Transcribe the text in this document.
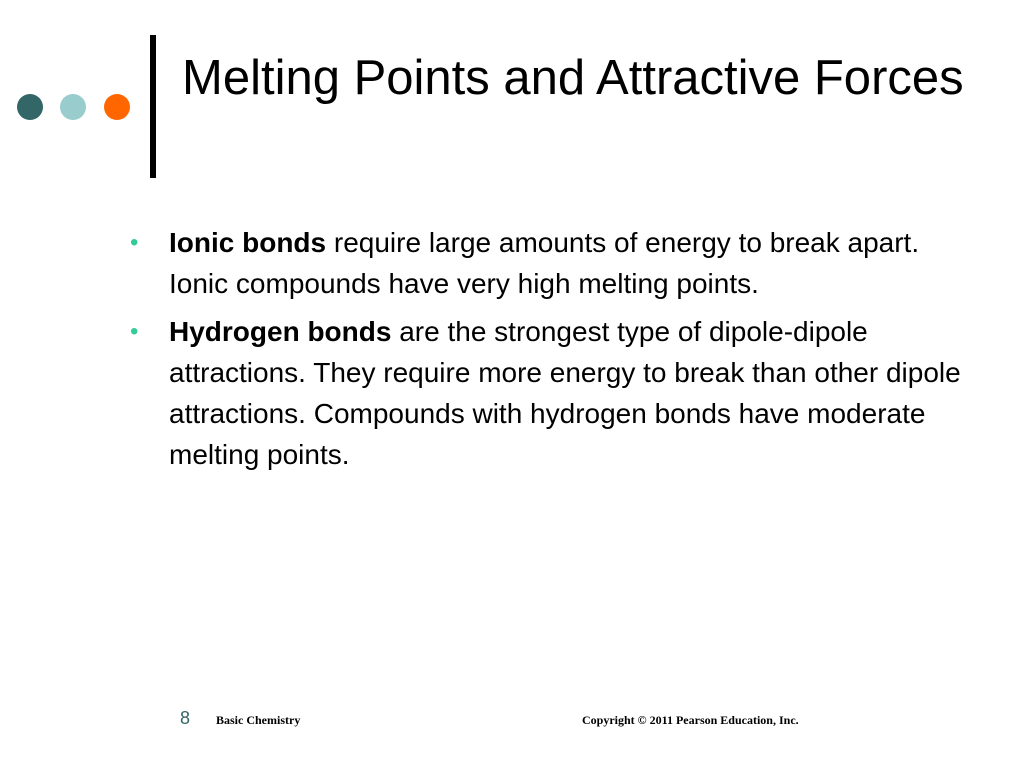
Melting Points and Attractive Forces
• Ionic bonds require large amounts of energy to break apart. Ionic compounds have very high melting points.
• Hydrogen bonds are the strongest type of dipole-dipole attractions. They require more energy to break than other dipole attractions. Compounds with hydrogen bonds have moderate melting points.
8 Basic Chemistry	Copyright © 2011 Pearson Education, Inc.
